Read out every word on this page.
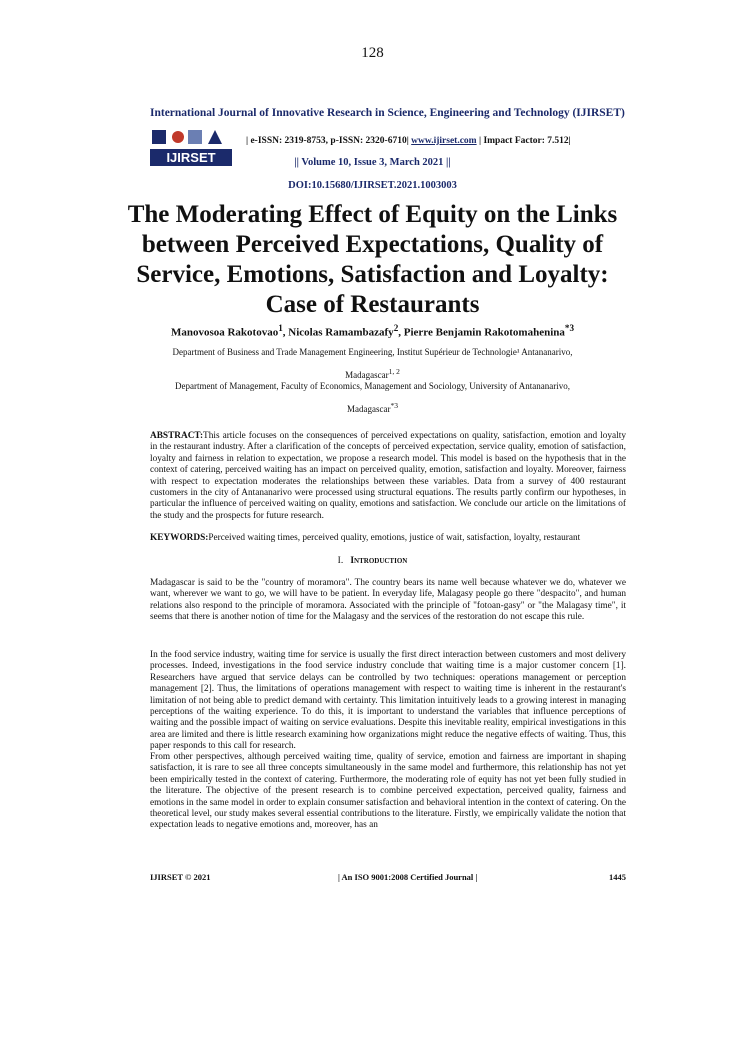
128
International Journal of Innovative Research in Science, Engineering and Technology (IJIRSET)
IJIRSET
| e-ISSN: 2319-8753, p-ISSN: 2320-6710| www.ijirset.com | Impact Factor: 7.512|
|| Volume 10, Issue 3, March 2021 ||
DOI:10.15680/IJIRSET.2021.1003003
The Moderating Effect of Equity on the Links between Perceived Expectations, Quality of Service, Emotions, Satisfaction and Loyalty: Case of Restaurants
Manovosoa Rakotovao$^1$, Nicolas Ramambazafy$^2$, Pierre Benjamin Rakotomahenina$^{*3}$
Department of Business and Trade Management Engineering, Institut Supérieur de Technologie¹ Antananarivo,
Madagascar$^{1, 2}$
Department of Management, Faculty of Economics, Management and Sociology, University of Antananarivo,
Madagascar$^{*3}$
ABSTRACT:This article focuses on the consequences of perceived expectations on quality, satisfaction, emotion and loyalty in the restaurant industry. After a clarification of the concepts of perceived expectation, service quality, emotion of satisfaction, loyalty and fairness in relation to expectation, we propose a research model. This model is based on the hypothesis that in the context of catering, perceived waiting has an impact on perceived quality, emotion, satisfaction and loyalty. Moreover, fairness with respect to expectation moderates the relationships between these variables. Data from a survey of 400 restaurant customers in the city of Antananarivo were processed using structural equations. The results partly confirm our hypotheses, in particular the influence of perceived waiting on quality, emotions and satisfaction. We conclude our article on the limitations of the study and the prospects for future research.
KEYWORDS:Perceived waiting times, perceived quality, emotions, justice of wait, satisfaction, loyalty, restaurant
I. Introduction

Madagascar is said to be the "country of moramora". The country bears its name well because whatever we do, whatever we want, wherever we want to go, we will have to be patient. In everyday life, Malagasy people go there "despacito", and human relations also respond to the principle of moramora. Associated with the principle of "fotoan-gasy" or "the Malagasy time", it seems that there is another notion of time for the Malagasy and the services of the restoration do not escape this rule.

In the food service industry, waiting time for service is usually the first direct interaction between customers and most delivery processes. Indeed, investigations in the food service industry conclude that waiting time is a major customer concern [1]. Researchers have argued that service delays can be controlled by two techniques: operations management or perception management [2]. Thus, the limitations of operations management with respect to waiting time is inherent in the restaurant's limitation of not being able to predict demand with certainty. This limitation intuitively leads to a growing interest in managing perceptions of the waiting experience. To do this, it is important to understand the variables that influence perceptions of waiting and the possible impact of waiting on service evaluations. Despite this inevitable reality, empirical investigations in this area are limited and there is little research examining how organizations might reduce the negative effects of waiting. Thus, this paper responds to this call for research.

From other perspectives, although perceived waiting time, quality of service, emotion and fairness are important in shaping satisfaction, it is rare to see all three concepts simultaneously in the same model and furthermore, this relationship has not yet been empirically tested in the context of catering. Furthermore, the moderating role of equity has not yet been fully studied in the literature. The objective of the present research is to combine perceived expectation, perceived quality, fairness and emotions in the same model in order to explain consumer satisfaction and behavioral intention in the context of catering. On the theoretical level, our study makes several essential contributions to the literature. Firstly, we empirically validate the notion that expectation leads to negative emotions and, moreover, has an

IJIRSET © 2021	| An ISO 9001:2008 Certified Journal |	1445
